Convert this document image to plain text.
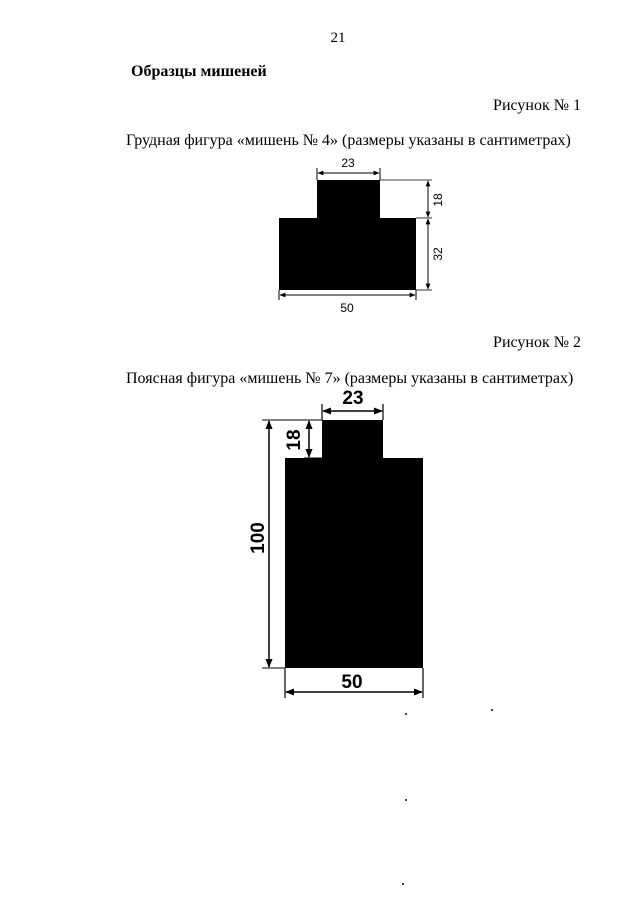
21
Образцы мишеней
Рисунок № 1
Грудная фигура «мишень № 4» (размеры указаны в сантиметрах)
Рисунок № 2
Поясная фигура «мишень № 7» (размеры указаны в сантиметрах)
23
18
32
50
23
18
100
50
